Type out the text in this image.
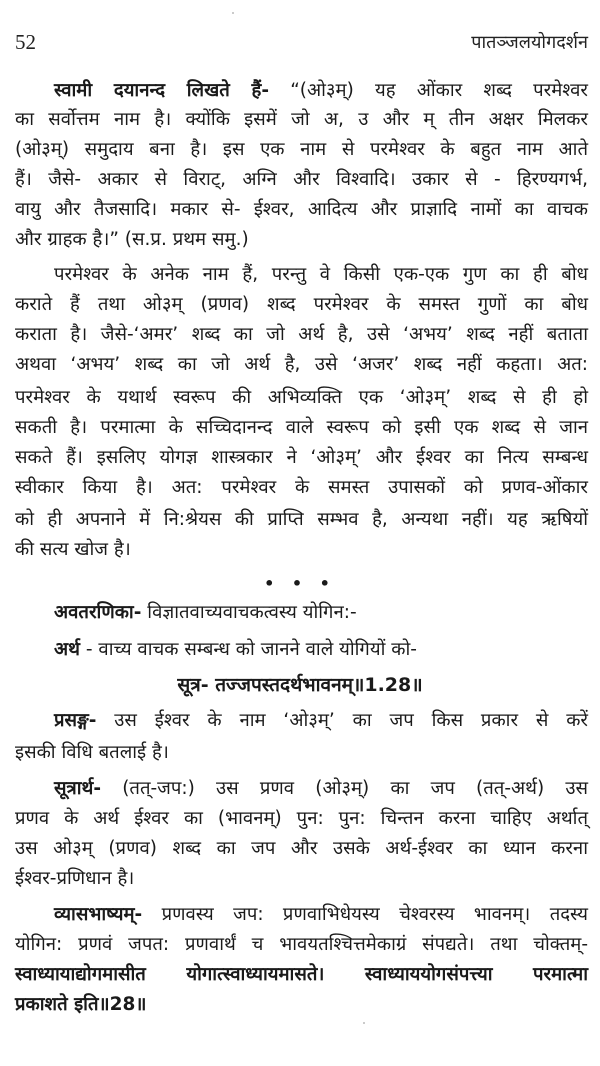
52	पातञ्जलयोगदर्शन
स्वामी दयानन्द लिखते हैं- “(ओ३म्) यह ओंकार शब्द परमेश्वर
का सर्वोत्तम नाम है। क्योंकि इसमें जो अ, उ और म् तीन अक्षर मिलकर
(ओ३म्) समुदाय बना है। इस एक नाम से परमेश्वर के बहुत नाम आते
हैं। जैसे- अकार से विराट्, अग्नि और विश्वादि। उकार से - हिरण्यगर्भ,
वायु और तैजसादि। मकार से- ईश्वर, आदित्य और प्राज्ञादि नामों का वाचक
और ग्राहक है।” (स.प्र. प्रथम समु.)
परमेश्वर के अनेक नाम हैं, परन्तु वे किसी एक-एक गुण का ही बोध
कराते हैं तथा ओ३म् (प्रणव) शब्द परमेश्वर के समस्त गुणों का बोध
कराता है। जैसे-‘अमर’ शब्द का जो अर्थ है, उसे ‘अभय’ शब्द नहीं बताता
अथवा ‘अभय’ शब्द का जो अर्थ है, उसे ‘अजर’ शब्द नहीं कहता। अत:
परमेश्वर के यथार्थ स्वरूप की अभिव्यक्ति एक ‘ओ३म्’ शब्द से ही हो
सकती है। परमात्मा के सच्चिदानन्द वाले स्वरूप को इसी एक शब्द से जान
सकते हैं। इसलिए योगज्ञ शास्त्रकार ने ‘ओ३म्’ और ईश्वर का नित्य सम्बन्ध
स्वीकार किया है। अत: परमेश्वर के समस्त उपासकों को प्रणव-ओंकार
को ही अपनाने में नि:श्रेयस की प्राप्ति सम्भव है, अन्यथा नहीं। यह ऋषियों
की सत्य खोज है।
• • •
अवतरणिका- विज्ञातवाच्यवाचकत्वस्य योगिन:-
अर्थ - वाच्य वाचक सम्बन्ध को जानने वाले योगियों को-
सूत्र- तज्जपस्तदर्थभावनम्॥1.28॥
प्रसङ्ग- उस ईश्वर के नाम ‘ओ३म्’ का जप किस प्रकार से करें
इसकी विधि बतलाई है।
सूत्रार्थ- (तत्-जप:) उस प्रणव (ओ३म्) का जप (तत्-अर्थ) उस
प्रणव के अर्थ ईश्वर का (भावनम्) पुन: पुन: चिन्तन करना चाहिए अर्थात्
उस ओ३म् (प्रणव) शब्द का जप और उसके अर्थ-ईश्वर का ध्यान करना
ईश्वर-प्रणिधान है।
व्यासभाष्यम्- प्रणवस्य जप: प्रणवाभिधेयस्य चेश्वरस्य भावनम्। तदस्य
योगिन: प्रणवं जपत: प्रणवार्थं च भावयतश्चित्तमेकाग्रं संपद्यते। तथा चोक्तम्-
स्वाध्यायाद्योगमासीत योगात्स्वाध्यायमासते। स्वाध्याययोगसंपत्त्या परमात्मा
प्रकाशते इति॥28॥
